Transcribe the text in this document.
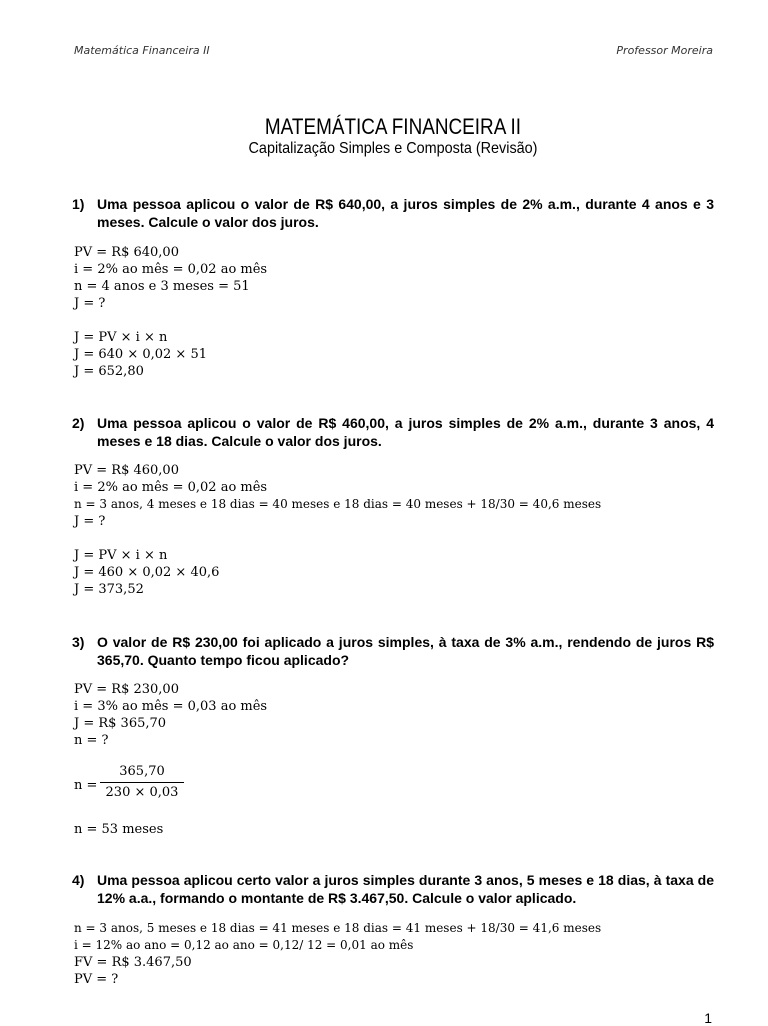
Matemática Financeira II	Professor Moreira
MATEMÁTICA FINANCEIRA II
Capitalização Simples e Composta (Revisão)
1) Uma pessoa aplicou o valor de R$ 640,00, a juros simples de 2% a.m., durante 4 anos e 3 meses. Calcule o valor dos juros.
PV = R$ 640,00
i = 2% ao mês = 0,02 ao mês
n = 4 anos e 3 meses = 51
J = ?
J = PV × i × n
J = 640 × 0,02 × 51
J = 652,80
2) Uma pessoa aplicou o valor de R$ 460,00, a juros simples de 2% a.m., durante 3 anos, 4 meses e 18 dias. Calcule o valor dos juros.
PV = R$ 460,00
i = 2% ao mês = 0,02 ao mês
n = 3 anos, 4 meses e 18 dias = 40 meses e 18 dias = 40 meses + 18/30 = 40,6 meses
J = ?
J = PV × i × n
J = 460 × 0,02 × 40,6
J = 373,52
3) O valor de R$ 230,00 foi aplicado a juros simples, à taxa de 3% a.m., rendendo de juros R$ 365,70. Quanto tempo ficou aplicado?
PV = R$ 230,00
i = 3% ao mês = 0,03 ao mês
J = R$ 365,70
n = ?
n =
365,70
230 × 0,03
n = 53 meses
4) Uma pessoa aplicou certo valor a juros simples durante 3 anos, 5 meses e 18 dias, à taxa de 12% a.a., formando o montante de R$ 3.467,50. Calcule o valor aplicado.
n = 3 anos, 5 meses e 18 dias = 41 meses e 18 dias = 41 meses + 18/30 = 41,6 meses
i = 12% ao ano = 0,12 ao ano = 0,12/ 12 = 0,01 ao mês
FV = R$ 3.467,50
PV = ?
1
